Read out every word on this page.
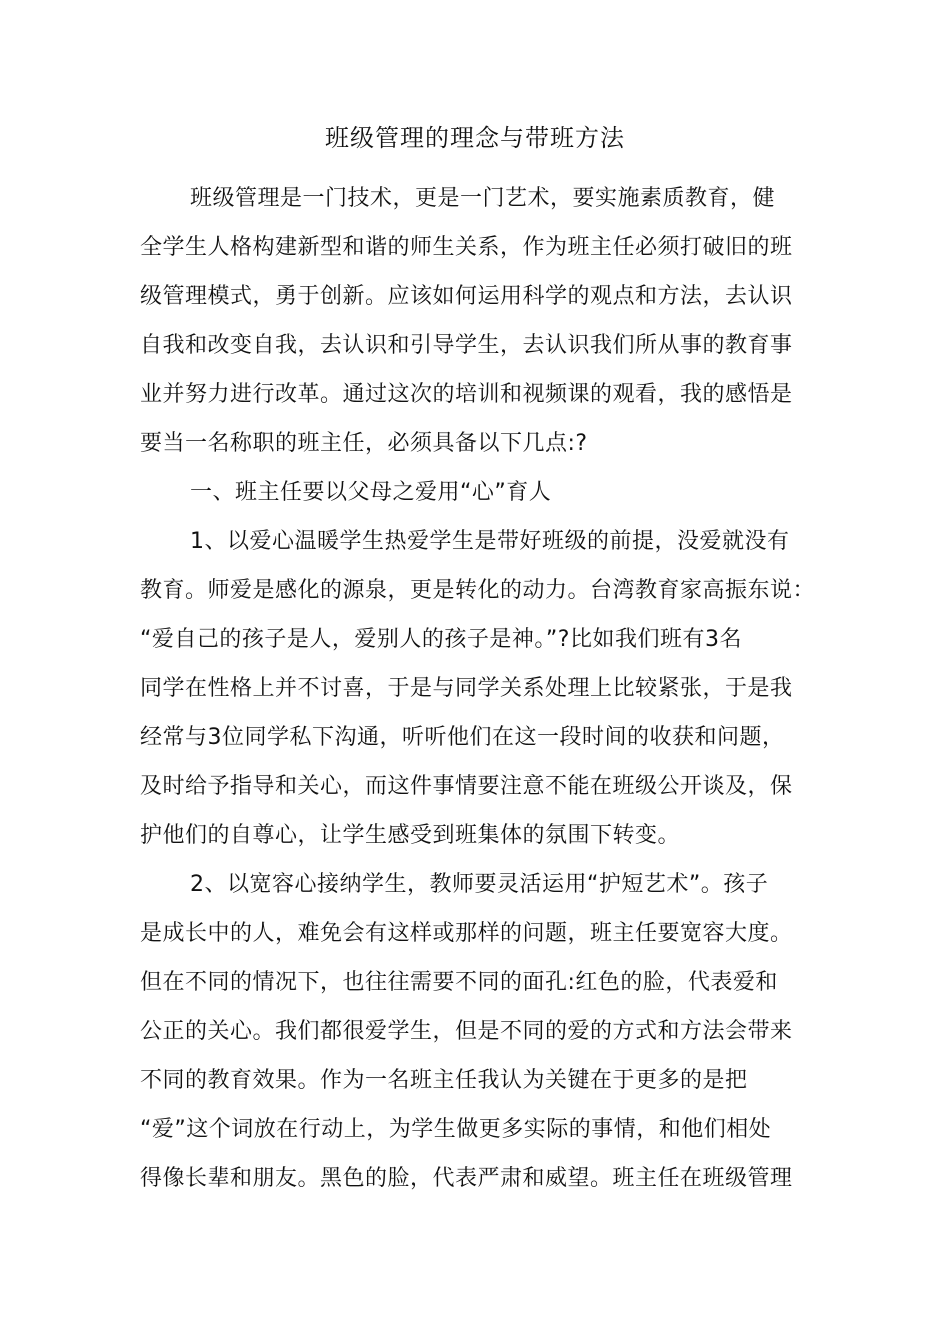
班级管理的理念与带班方法

班级管理是一门技术，更是一门艺术，要实施素质教育，健
全学生人格构建新型和谐的师生关系，作为班主任必须打破旧的班
级管理模式，勇于创新。应该如何运用科学的观点和方法，去认识
自我和改变自我，去认识和引导学生，去认识我们所从事的教育事
业并努力进行改革。通过这次的培训和视频课的观看，我的感悟是
要当一名称职的班主任，必须具备以下几点:?

一、班主任要以父母之爱用“心”育人

1、以爱心温暖学生热爱学生是带好班级的前提，没爱就没有
教育。师爱是感化的源泉，更是转化的动力。台湾教育家高振东说：
“爱自己的孩子是人，爱别人的孩子是神。”?比如我们班有3名
同学在性格上并不讨喜，于是与同学关系处理上比较紧张，于是我
经常与3位同学私下沟通，听听他们在这一段时间的收获和问题，
及时给予指导和关心，而这件事情要注意不能在班级公开谈及，保
护他们的自尊心，让学生感受到班集体的氛围下转变。

2、以宽容心接纳学生，教师要灵活运用“护短艺术”。孩子
是成长中的人，难免会有这样或那样的问题，班主任要宽容大度。
但在不同的情况下，也往往需要不同的面孔:红色的脸，代表爱和
公正的关心。我们都很爱学生，但是不同的爱的方式和方法会带来
不同的教育效果。作为一名班主任我认为关键在于更多的是把
“爱”这个词放在行动上，为学生做更多实际的事情，和他们相处
得像长辈和朋友。黑色的脸，代表严肃和威望。班主任在班级管理
